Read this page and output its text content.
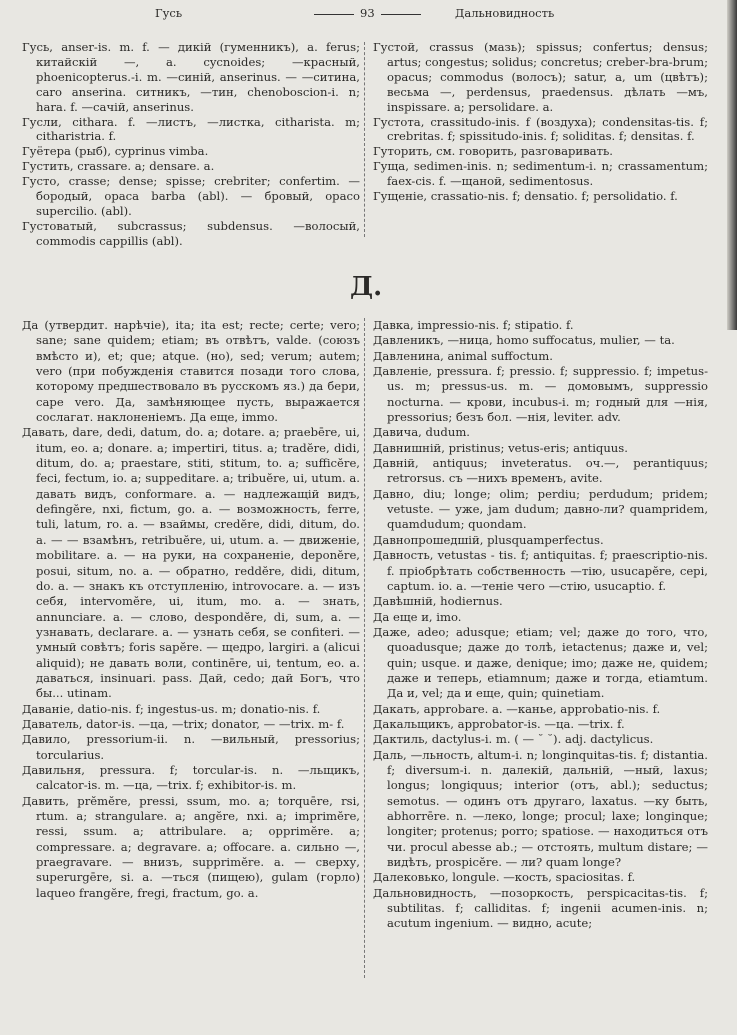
Гусь	93	Дальновидность

Гусь, anser-is. m. f. — дикій (гуменникъ), a. ferus; китайскій —, a. cycnoides; —красный, phoenicopterus.-i. m. —синій, anserinus. — —ситина, caro anserina. ситникъ, —тин, chenoboscion-i. n; hara. f. —сачій, anserinus.

Гусли, cithara. f. —листъ, —листка, citharista. m; citharistria. f.

Гуётера (рыб), cyprinus vimba.

Густить, crassare. a; densare. a.

Густо, crasse; dense; spisse; crebriter; confertim. —бородый, opaca barba (abl). — бровый, opaco supercilio. (abl).

Густоватый, subcrassus; subdensus. —волосый, commodis cappillis (abl).

Густой, crassus (мазь); spissus; confertus; densus; artus; congestus; solidus; concretus; creber-bra-brum; opacus; commodus (волосъ); satur, a, um (цвѣтъ); весьма —, perdensus, praedensus. дѣлать —мъ, inspissare. a; persolidare. a.

Густота, crassitudo-inis. f (воздуха); condensitas-tis. f; crebritas. f; spissitudo-inis. f; soliditas. f; densitas. f.

Гуторить, см. говорить, разговаривать.

Гуща, sedimen-inis. n; sedimentum-i. n; crassamentum; faex-cis. f. —щаной, sedimentosus.

Гущеніе, crassatio-nis. f; densatio. f; persolidatio. f.

Д.

Да (утвердит. нарѣчіе), ita; ita est; recte; certe; vero; sane; sane quidem; etiam; въ отвѣтъ, valde. (союзъ вмѣсто и), et; que; atque. (но), sed; verum; autem; vero (при побужденія ставится позади того слова, которому предшествовало въ русскомъ яз.) да бери, cape vero. Да, замѣняющее пусть, выражается сослагат. наклоненіемъ. Да еще, immo.

Давать, dare, dedi, datum, do. a; dotare. a; praebēre, ui, itum, eo. a; donare. a; impertiri, titus. a; tradĕre, didi, ditum, do. a; praestare, stiti, stitum, to. a; sufficĕre, feci, fectum, io. a; suppeditare. a; tribuĕre, ui, utum. a. давать видъ, conformare. a. — надлежащій видъ, defingĕre, nxi, fictum, go. a. — возможность, ferre, tuli, latum, ro. a. — взаймы, credĕre, didi, ditum, do. a. — — взамѣнъ, retribuĕre, ui, utum. a. — движеніе, mobilitare. a. — на руки, на сохраненіе, deponĕre, posui, situm, no. a. — обратно, reddĕre, didi, ditum, do. a. — знакъ къ отступленію, introvocare. a. — изъ себя, intervomĕre, ui, itum, mo. a. — знать, annunciare. a. — слово, despondĕre, di, sum, a. — узнавать, declarare. a. — узнать себя, se confiteri. — умный совѣтъ; foris sapĕre. — щедро, largiri. a (alicui aliquid); не давать воли, continēre, ui, tentum, eo. a. даваться, insinuari. pass. Дай, cedo; дай Богъ, что бы... utinam.

Даваніе, datio-nis. f; ingestus-us. m; donatio-nis. f.

Даватель, dator-is. —ца, —trix; donator, — —trix. m- f.

Давило, pressorium-ii. n. —вильный, pressorius; torcularius.

Давильня, pressura. f; torcular-is. n. —льщикъ, calcator-is. m. —ца, —trix. f; exhibitor-is. m.

Давить, prĕmĕre, pressi, ssum, mo. a; torquēre, rsi, rtum. a; strangulare. a; angĕre, nxi. a; imprimĕre, ressi, ssum. a; attribulare. a; opprimĕre. a; compressare. a; degravare. a; offocare. a. сильно —, praegravare. — внизъ, supprimĕre. a. — сверху, superurgēre, si. a. —ться (пищею), gulam (горло) laqueo frangĕre, fregi, fractum, go. a.

Давка, impressio-nis. f; stipatio. f.

Давленикъ, —ница, homo suffocatus, mulier, — ta.

Давленина, animal suffoctum.

Давленіе, pressura. f; pressio. f; suppressio. f; impetus-us. m; pressus-us. m. — домовымъ, suppressio nocturna. — крови, incubus-i. m; годный для —нія, pressorius; безъ бол. —нія, leviter. adv.

Давича, dudum.

Давнишній, pristinus; vetus-eris; antiquus.

Давній, antiquus; inveteratus. оч.—, perantiquus; retrorsus. съ —нихъ временъ, avite.

Давно, diu; longe; olim; perdiu; perdudum; pridem; vetuste. — уже, jam dudum; давно-ли? quampridem, quamdudum; quondam.

Давнопрошедшій, plusquamperfectus.

Давность, vetustas - tis. f; antiquitas. f; praescriptio-nis. f. пріобрѣтать собственность —тію, usucapĕre, cepi, captum. io. a. —теніе чего —стію, usucaptio. f.

Давѣшній, hodiernus.

Да еще и, imo.

Даже, adeo; adusque; etiam; vel; даже до того, что, quoadusque; даже до толѣ, ietactenus; даже и, vel; quin; usque. и даже, denique; imo; даже не, quidem; даже и теперь, etiamnum; даже и тогда, etiamtum. Да и, vel; да и еще, quin; quinetiam.

Дакать, approbare. a. —канье, approbatio-nis. f.

Дакальщикъ, approbator-is. —ца. —trix. f.

Дактиль, dactylus-i. m. ( — ˘ ˘). adj. dactylicus.

Даль, —льность, altum-i. n; longinquitas-tis. f; distantia. f; diversum-i. n. далекій, дальній, —ный, laxus; longus; longiquus; interior (отъ, abl.); seductus; semotus. — одинъ отъ другаго, laxatus. —ку быть, abhorrēre. n. —леко, longe; procul; laxe; longinque; longiter; protenus; porro; spatiose. — находиться отъ чи. procul abesse ab.; — отстоять, multum distare; — видѣть, prospicĕre. — ли? quam longe?

Далековько, longule. —кость, spaciositas. f.

Дальновидность, —позоркость, perspicacitas-tis. f; subtilitas. f; calliditas. f; ingenii acumen-inis. n; acutum ingenium. — видно, acute;
